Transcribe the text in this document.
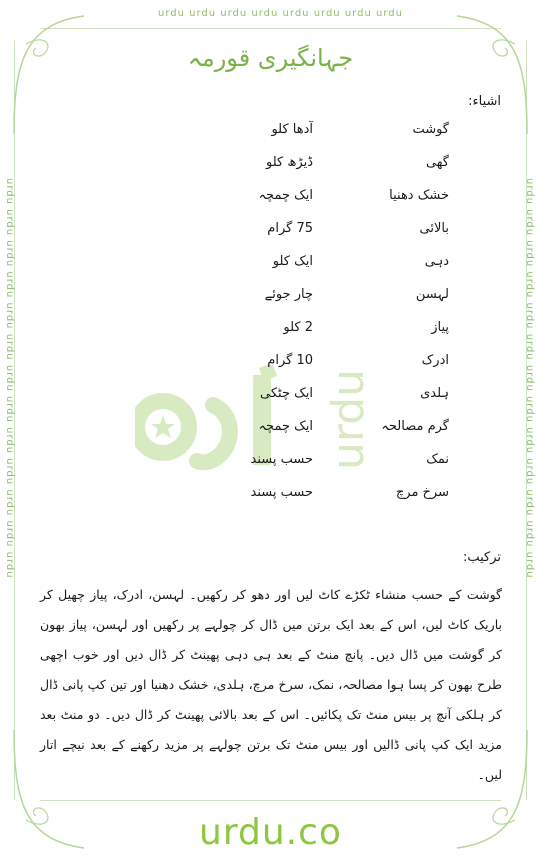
urdu urdu urdu urdu urdu urdu urdu urdu
urdu urdu urdu urdu urdu urdu urdu urdu urdu urdu urdu urdu urdu	urdu urdu urdu urdu urdu urdu urdu urdu urdu urdu urdu urdu urdu
urdu
جہانگیری قورمہ
اشیاء:
گوشت
آدھا کلو
گھی
ڈیڑھ کلو
خشک دھنیا
ایک چمچہ
بالائی
75 گرام
دہی
ایک کلو
لہسن
چار جوئے
پیاز
2 کلو
ادرک
10 گرام
ہلدی
ایک چٹکی
گرم مصالحہ
ایک چمچہ
نمک
حسب پسند
سرخ مرچ
حسب پسند
ترکیب:
گوشت کے حسب منشاء ٹکڑے کاٹ لیں اور دھو کر رکھیں۔ لہسن، ادرک، پیاز چھیل کر باریک کاٹ لیں، اس کے بعد ایک برتن میں ڈال کر چولہے پر رکھیں اور لہسن، پیاز بھون کر گوشت میں ڈال دیں۔ پانچ منٹ کے بعد ہی دہی پھینٹ کر ڈال دیں اور خوب اچھی طرح بھون کر پسا ہوا مصالحہ، نمک، سرخ مرچ، ہلدی، خشک دھنیا اور تین کپ پانی ڈال کر ہلکی آنچ پر بیس منٹ تک پکائیں۔ اس کے بعد بالائی پھینٹ کر ڈال دیں۔ دو منٹ بعد مزید ایک کپ پانی ڈالیں اور بیس منٹ تک برتن چولہے پر مزید رکھنے کے بعد نیچے اتار لیں۔
urdu.co
